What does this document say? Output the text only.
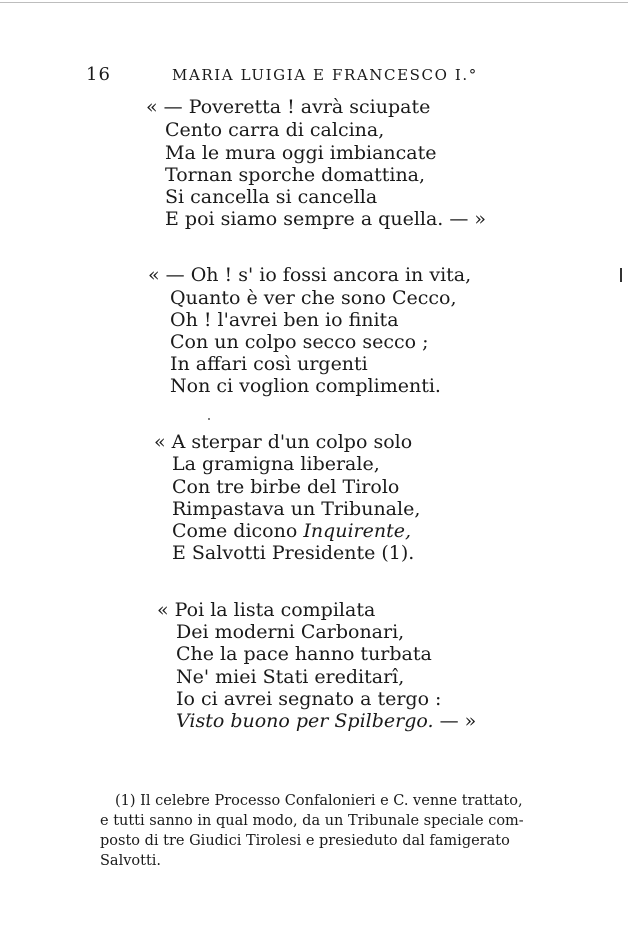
16	MARIA LUIGIA E FRANCESCO I.°
« — Poveretta ! avrà sciupate
Cento carra di calcina,
Ma le mura oggi imbiancate
Tornan sporche domattina,
Si cancella si cancella
E poi siamo sempre a quella. — »
« — Oh ! s' io fossi ancora in vita,
Quanto è ver che sono Cecco,
Oh ! l'avrei ben io finita
Con un colpo secco secco ;
In affari così urgenti
Non ci voglion complimenti.
« A sterpar d'un colpo solo
La gramigna liberale,
Con tre birbe del Tirolo
Rimpastava un Tribunale,
Come dicono Inquirente,
E Salvotti Presidente (1).
« Poi la lista compilata
Dei moderni Carbonari,
Che la pace hanno turbata
Ne' miei Stati ereditarî,
Io ci avrei segnato a tergo :
Visto buono per Spilbergo. — »
(1) Il celebre Processo Confalonieri e C. venne trattato,
e tutti sanno in qual modo, da un Tribunale speciale com-
posto di tre Giudici Tirolesi e presieduto dal famigerato
Salvotti.
